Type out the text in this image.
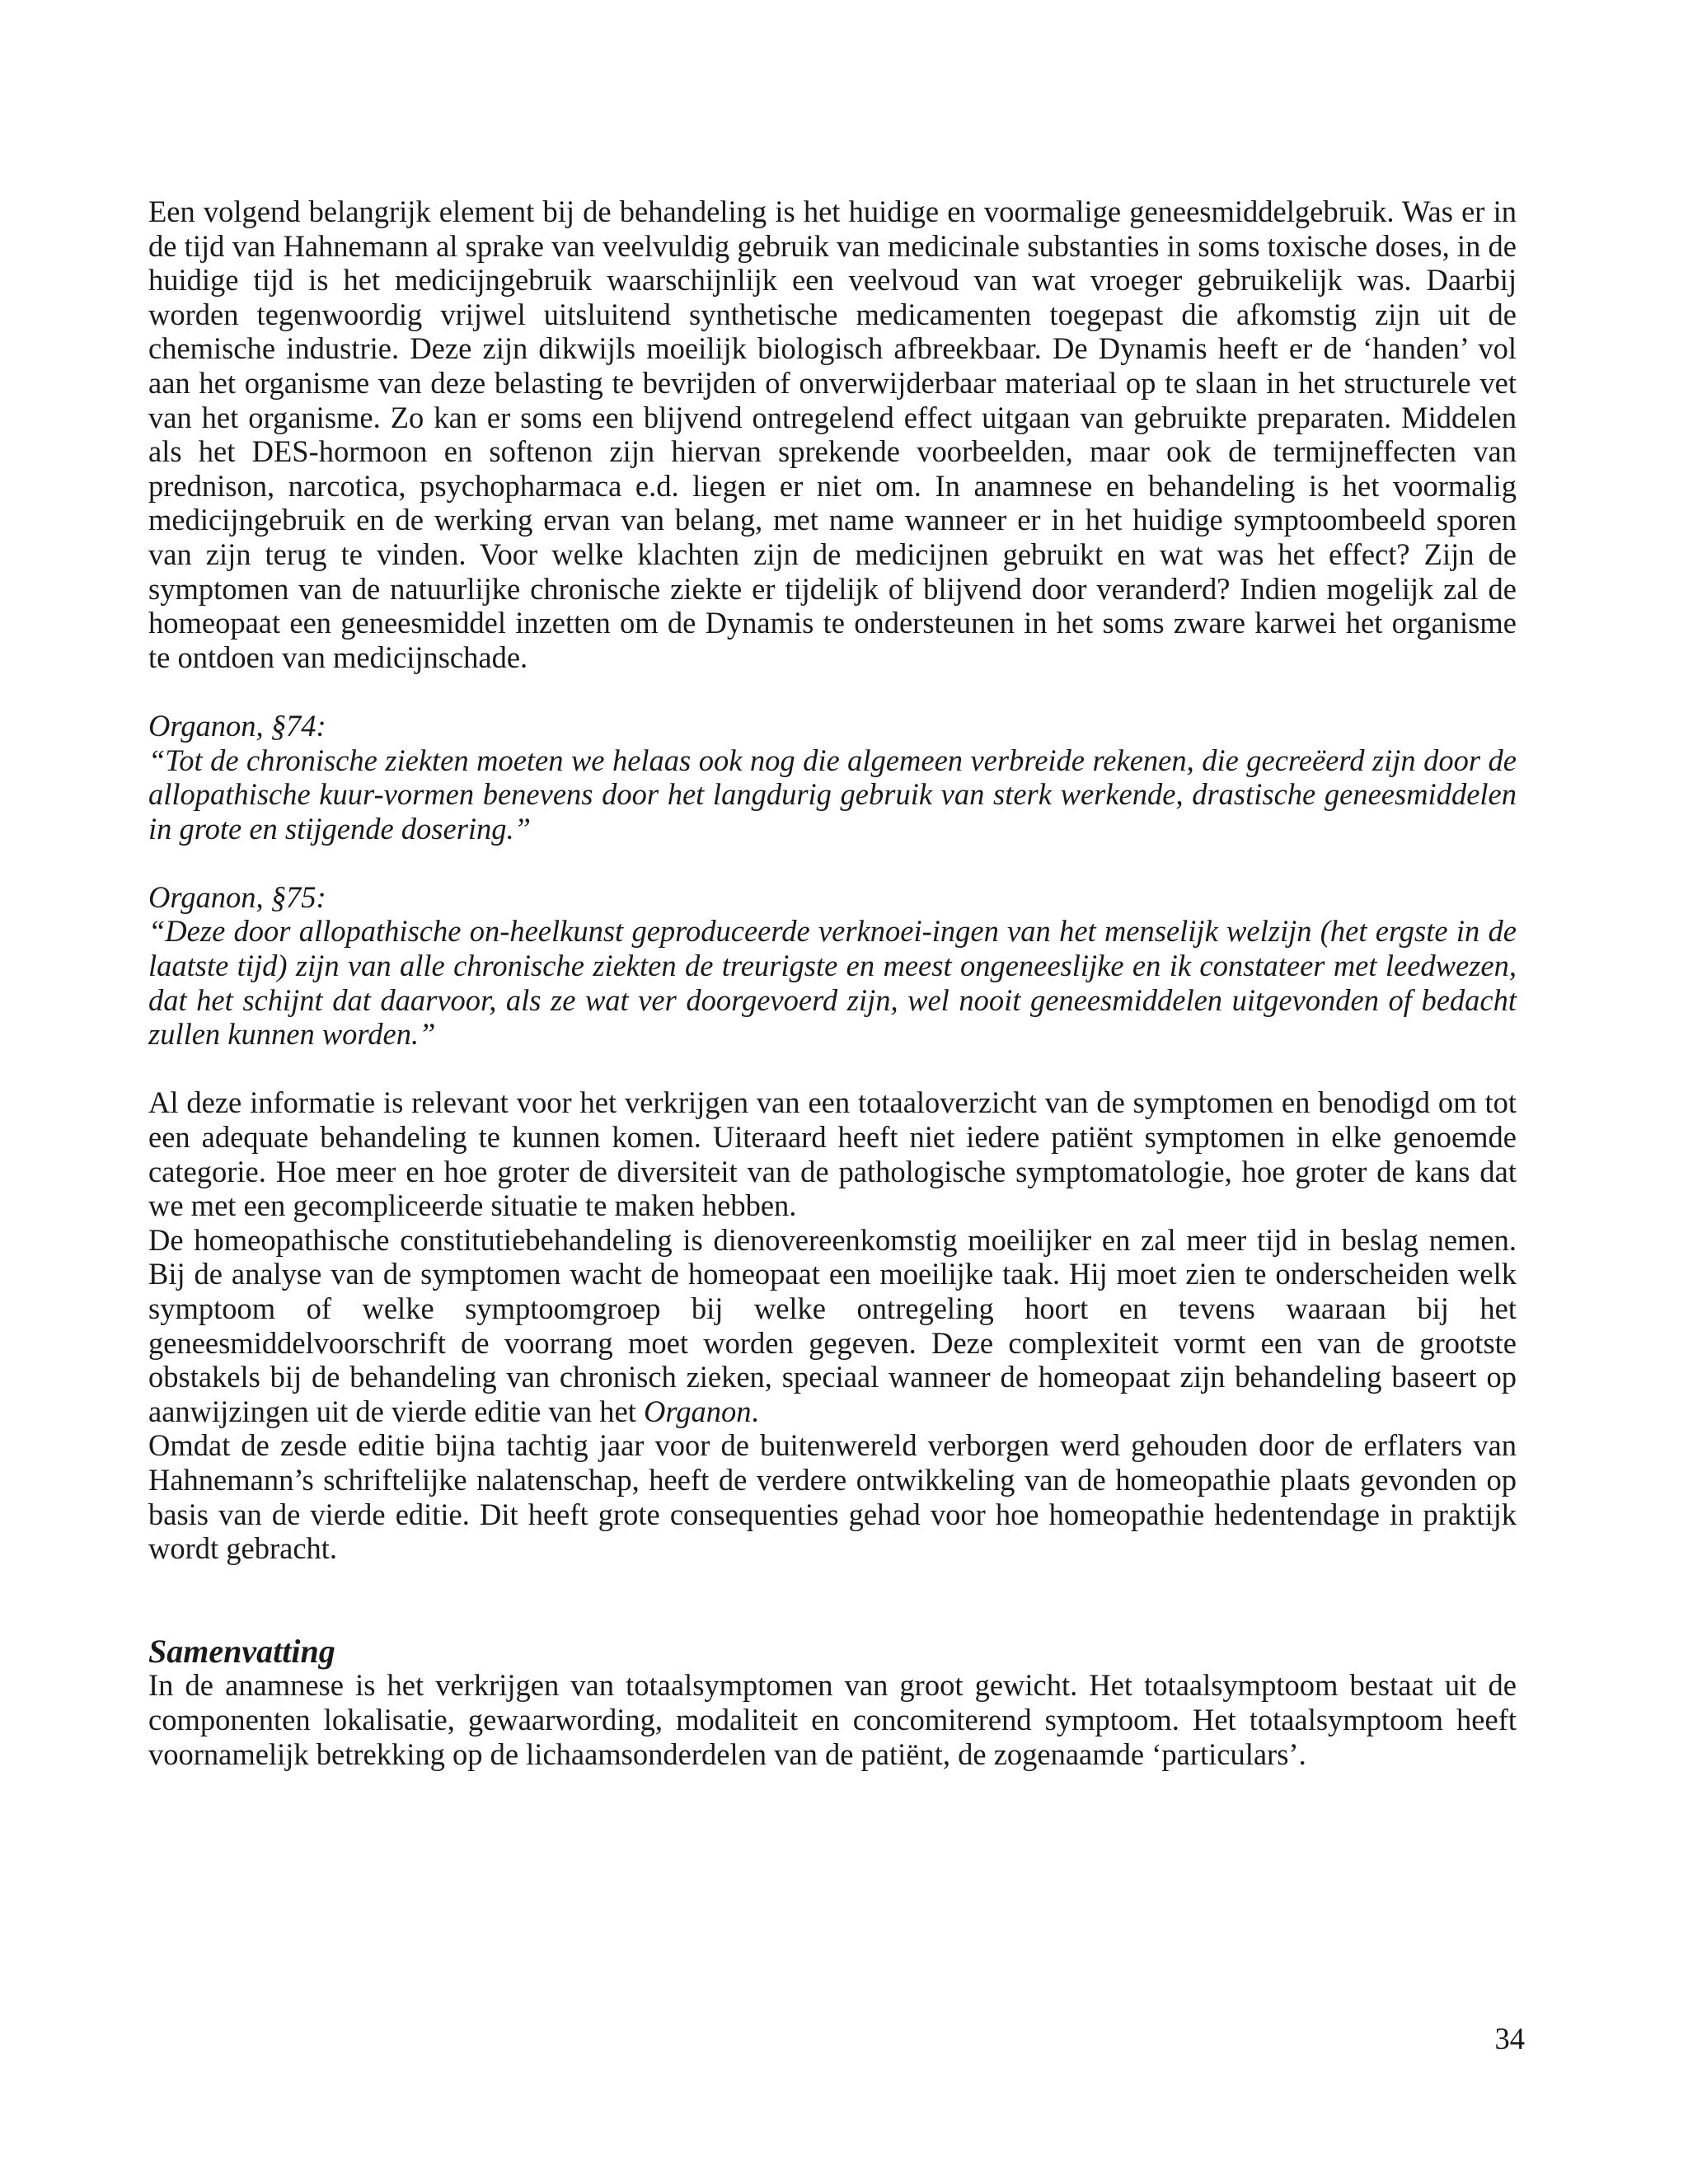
Een volgend belangrijk element bij de behandeling is het huidige en voormalige geneesmiddelgebruik. Was er in de tijd van Hahnemann al sprake van veelvuldig gebruik van medicinale substanties in soms toxische doses, in de huidige tijd is het medicijngebruik waarschijnlijk een veelvoud van wat vroeger gebruikelijk was. Daarbij worden tegenwoordig vrijwel uitsluitend synthetische medicamenten toegepast die afkomstig zijn uit de chemische industrie. Deze zijn dikwijls moeilijk biologisch afbreekbaar. De Dynamis heeft er de ‘handen’ vol aan het organisme van deze belasting te bevrijden of onverwijderbaar materiaal op te slaan in het structurele vet van het organisme. Zo kan er soms een blijvend ontregelend effect uitgaan van gebruikte preparaten. Middelen als het DES-hormoon en softenon zijn hiervan sprekende voorbeelden, maar ook de termijneffecten van prednison, narcotica, psychopharmaca e.d. liegen er niet om. In anamnese en behandeling is het voormalig medicijngebruik en de werking ervan van belang, met name wanneer er in het huidige symptoombeeld sporen van zijn terug te vinden. Voor welke klachten zijn de medicijnen gebruikt en wat was het effect? Zijn de symptomen van de natuurlijke chronische ziekte er tijdelijk of blijvend door veranderd? Indien mogelijk zal de homeopaat een geneesmiddel inzetten om de Dynamis te ondersteunen in het soms zware karwei het organisme te ontdoen van medicijnschade.

Organon, §74:

“Tot de chronische ziekten moeten we helaas ook nog die algemeen verbreide rekenen, die gecreëerd zijn door de allopathische kuur-vormen benevens door het langdurig gebruik van sterk werkende, drastische geneesmiddelen in grote en stijgende dosering.”

Organon, §75:

“Deze door allopathische on-heelkunst geproduceerde verknoei-ingen van het menselijk welzijn (het ergste in de laatste tijd) zijn van alle chronische ziekten de treurigste en meest ongeneeslijke en ik constateer met leedwezen, dat het schijnt dat daarvoor, als ze wat ver doorgevoerd zijn, wel nooit geneesmiddelen uitgevonden of bedacht zullen kunnen worden.”

Al deze informatie is relevant voor het verkrijgen van een totaaloverzicht van de symptomen en benodigd om tot een adequate behandeling te kunnen komen. Uiteraard heeft niet iedere patiënt symptomen in elke genoemde categorie. Hoe meer en hoe groter de diversiteit van de pathologische symptomatologie, hoe groter de kans dat we met een gecompliceerde situatie te maken hebben.

De homeopathische constitutiebehandeling is dienovereenkomstig moeilijker en zal meer tijd in beslag nemen. Bij de analyse van de symptomen wacht de homeopaat een moeilijke taak. Hij moet zien te onderscheiden welk symptoom of welke symptoomgroep bij welke ontregeling hoort en tevens waaraan bij het geneesmiddelvoorschrift de voorrang moet worden gegeven. Deze complexiteit vormt een van de grootste obstakels bij de behandeling van chronisch zieken, speciaal wanneer de homeopaat zijn behandeling baseert op aanwijzingen uit de vierde editie van het Organon.

Omdat de zesde editie bijna tachtig jaar voor de buitenwereld verborgen werd gehouden door de erflaters van Hahnemann’s schriftelijke nalatenschap, heeft de verdere ontwikkeling van de homeopathie plaats gevonden op basis van de vierde editie. Dit heeft grote consequenties gehad voor hoe homeopathie hedentendage in praktijk wordt gebracht.

Samenvatting

In de anamnese is het verkrijgen van totaalsymptomen van groot gewicht. Het totaalsymptoom bestaat uit de componenten lokalisatie, gewaarwording, modaliteit en concomiterend symptoom. Het totaalsymptoom heeft voornamelijk betrekking op de lichaamsonderdelen van de patiënt, de zogenaamde ‘particulars’.

34
